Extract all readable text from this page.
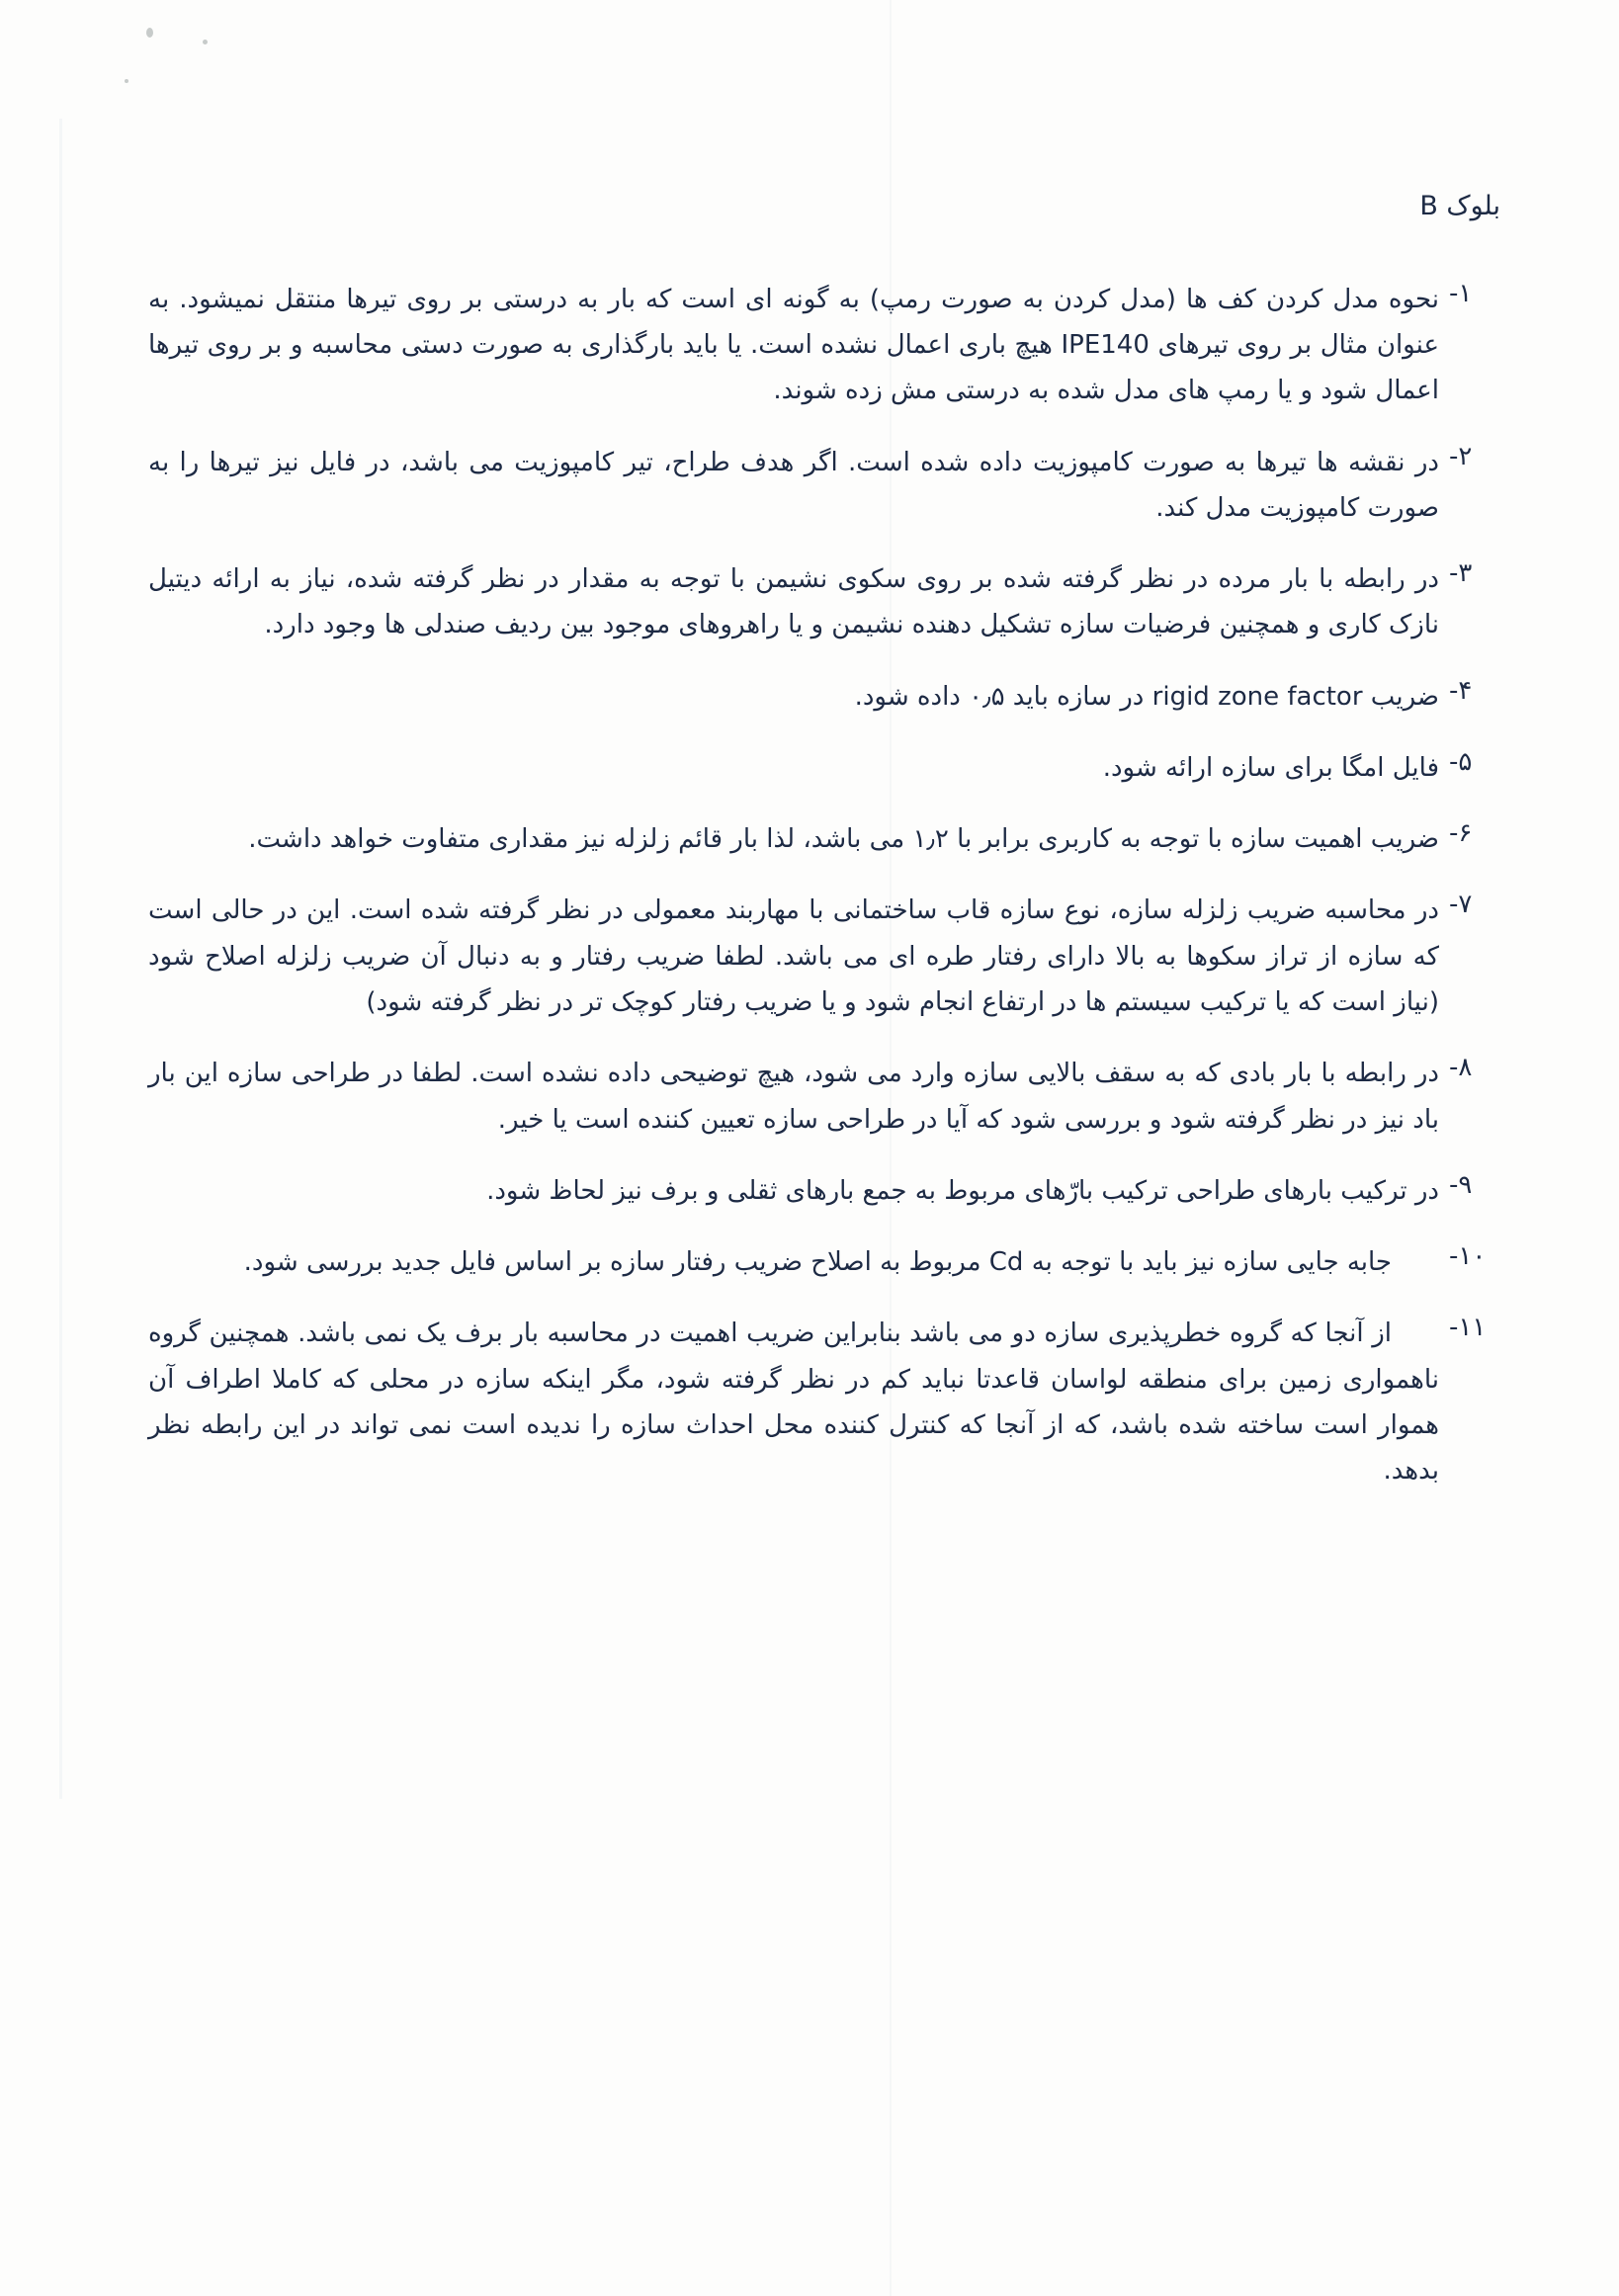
بلوک B
۱-
نحوه مدل کردن کف ها (مدل کردن به صورت رمپ) به گونه ای است که بار به درستی بر روی تیرها منتقل نمیشود. به عنوان مثال بر روی تیرهای IPE140 هیچ باری اعمال نشده است. یا باید بارگذاری به صورت دستی محاسبه و بر روی تیرها اعمال شود و یا رمپ های مدل شده به درستی مش زده شوند.
۲-
در نقشه ها تیرها به صورت کامپوزیت داده شده است. اگر هدف طراح، تیر کامپوزیت می باشد، در فایل نیز تیرها را به صورت کامپوزیت مدل کند.
۳-
در رابطه با بار مرده در نظر گرفته شده بر روی سکوی نشیمن با توجه به مقدار در نظر گرفته شده، نیاز به ارائه دیتیل نازک کاری و همچنین فرضیات سازه تشکیل دهنده نشیمن و یا راهروهای موجود بین ردیف صندلی ها وجود دارد.
۴-
ضریب rigid zone factor در سازه باید ۰٫۵ داده شود.
۵-
فایل امگا برای سازه ارائه شود.
۶-
ضریب اهمیت سازه با توجه به کاربری برابر با ۱٫۲ می باشد، لذا بار قائم زلزله نیز مقداری متفاوت خواهد داشت.
۷-
در محاسبه ضریب زلزله سازه، نوع سازه قاب ساختمانی با مهاربند معمولی در نظر گرفته شده است. این در حالی است که سازه از تراز سکوها به بالا دارای رفتار طره ای می باشد. لطفا ضریب رفتار و به دنبال آن ضریب زلزله اصلاح شود (نیاز است که یا ترکیب سیستم ها در ارتفاع انجام شود و یا ضریب رفتار کوچک تر در نظر گرفته شود)
۸-
در رابطه با بار بادی که به سقف بالایی سازه وارد می شود، هیچ توضیحی داده نشده است. لطفا در طراحی سازه این بار باد نیز در نظر گرفته شود و بررسی شود که آیا در طراحی سازه تعیین کننده است یا خیر.
۹-
در ترکیب بارهای طراحی ترکیب بارّهای مربوط به جمع بارهای ثقلی و برف نیز لحاظ شود.
۱۰-
جابه جایی سازه نیز باید با توجه به Cd مربوط به اصلاح ضریب رفتار سازه بر اساس فایل جدید بررسی شود.
۱۱-
از آنجا که گروه خطرپذیری سازه دو می باشد بنابراین ضریب اهمیت در محاسبه بار برف یک نمی باشد. همچنین گروه ناهمواری زمین برای منطقه لواسان قاعدتا نباید کم در نظر گرفته شود، مگر اینکه سازه در محلی که کاملا اطراف آن هموار است ساخته شده باشد، که از آنجا که کنترل کننده محل احداث سازه را ندیده است نمی تواند در این رابطه نظر بدهد.
